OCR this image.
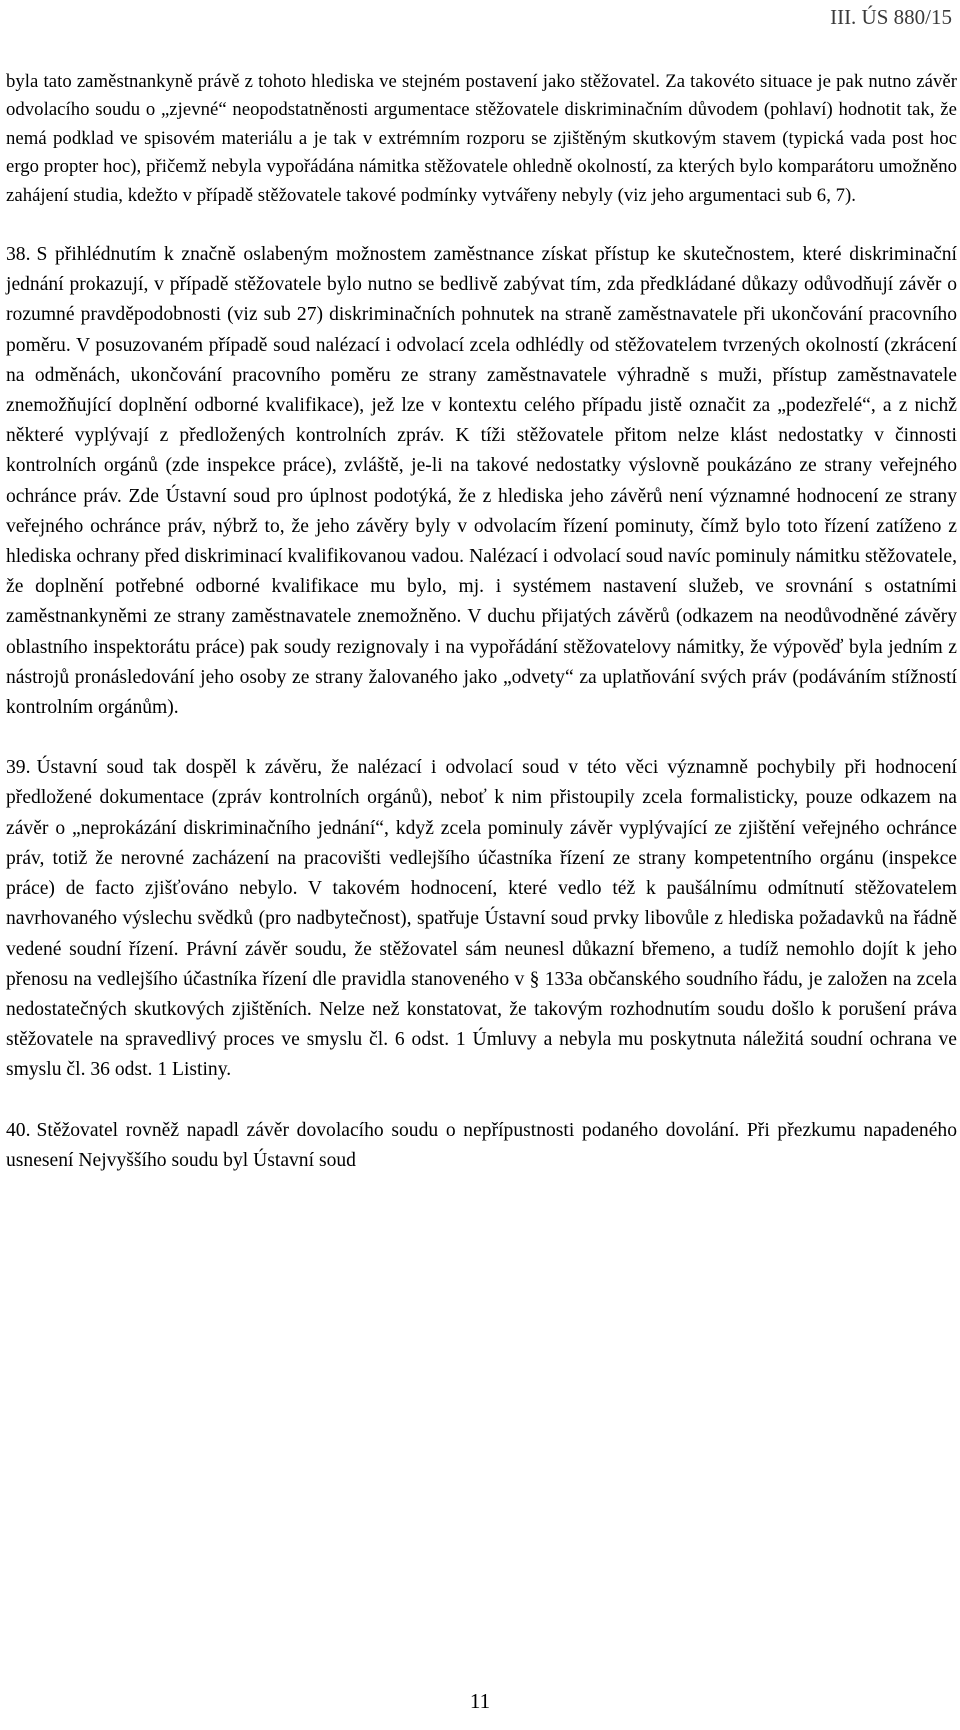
III. ÚS 880/15

byla tato zaměstnankyně právě z tohoto hlediska ve stejném postavení jako stěžovatel. Za takovéto situace je pak nutno závěr odvolacího soudu o „zjevné“ neopodstatněnosti argumentace stěžovatele diskriminačním důvodem (pohlaví) hodnotit tak, že nemá podklad ve spisovém materiálu a je tak v extrémním rozporu se zjištěným skutkovým stavem (typická vada post hoc ergo propter hoc), přičemž nebyla vypořádána námitka stěžovatele ohledně okolností, za kterých bylo komparátoru umožněno zahájení studia, kdežto v případě stěžovatele takové podmínky vytvářeny nebyly (viz jeho argumentaci sub 6, 7).

38. S přihlédnutím k značně oslabeným možnostem zaměstnance získat přístup ke skutečnostem, které diskriminační jednání prokazují, v případě stěžovatele bylo nutno se bedlivě zabývat tím, zda předkládané důkazy odůvodňují závěr o rozumné pravděpodobnosti (viz sub 27) diskriminačních pohnutek na straně zaměstnavatele při ukončování pracovního poměru. V posuzovaném případě soud nalézací i odvolací zcela odhlédly od stěžovatelem tvrzených okolností (zkrácení na odměnách, ukončování pracovního poměru ze strany zaměstnavatele výhradně s muži, přístup zaměstnavatele znemožňující doplnění odborné kvalifikace), jež lze v kontextu celého případu jistě označit za „podezřelé“, a z nichž některé vyplývají z předložených kontrolních zpráv. K tíži stěžovatele přitom nelze klást nedostatky v činnosti kontrolních orgánů (zde inspekce práce), zvláště, je-li na takové nedostatky výslovně poukázáno ze strany veřejného ochránce práv. Zde Ústavní soud pro úplnost podotýká, že z hlediska jeho závěrů není významné hodnocení ze strany veřejného ochránce práv, nýbrž to, že jeho závěry byly v odvolacím řízení pominuty, čímž bylo toto řízení zatíženo z hlediska ochrany před diskriminací kvalifikovanou vadou. Nalézací i odvolací soud navíc pominuly námitku stěžovatele, že doplnění potřebné odborné kvalifikace mu bylo, mj. i systémem nastavení služeb, ve srovnání s ostatními zaměstnankyněmi ze strany zaměstnavatele znemožněno. V duchu přijatých závěrů (odkazem na neodůvodněné závěry oblastního inspektorátu práce) pak soudy rezignovaly i na vypořádání stěžovatelovy námitky, že výpověď byla jedním z nástrojů pronásledování jeho osoby ze strany žalovaného jako „odvety“ za uplatňování svých práv (podáváním stížností kontrolním orgánům).

39. Ústavní soud tak dospěl k závěru, že nalézací i odvolací soud v této věci významně pochybily při hodnocení předložené dokumentace (zpráv kontrolních orgánů), neboť k nim přistoupily zcela formalisticky, pouze odkazem na závěr o „neprokázání diskriminačního jednání“, když zcela pominuly závěr vyplývající ze zjištění veřejného ochránce práv, totiž že nerovné zacházení na pracovišti vedlejšího účastníka řízení ze strany kompetentního orgánu (inspekce práce) de facto zjišťováno nebylo. V takovém hodnocení, které vedlo též k paušálnímu odmítnutí stěžovatelem navrhovaného výslechu svědků (pro nadbytečnost), spatřuje Ústavní soud prvky libovůle z hlediska požadavků na řádně vedené soudní řízení. Právní závěr soudu, že stěžovatel sám neunesl důkazní břemeno, a tudíž nemohlo dojít k jeho přenosu na vedlejšího účastníka řízení dle pravidla stanoveného v § 133a občanského soudního řádu, je založen na zcela nedostatečných skutkových zjištěních. Nelze než konstatovat, že takovým rozhodnutím soudu došlo k porušení práva stěžovatele na spravedlivý proces ve smyslu čl. 6 odst. 1 Úmluvy a nebyla mu poskytnuta náležitá soudní ochrana ve smyslu čl. 36 odst. 1 Listiny.

40. Stěžovatel rovněž napadl závěr dovolacího soudu o nepřípustnosti podaného dovolání. Při přezkumu napadeného usnesení Nejvyššího soudu byl Ústavní soud

11
